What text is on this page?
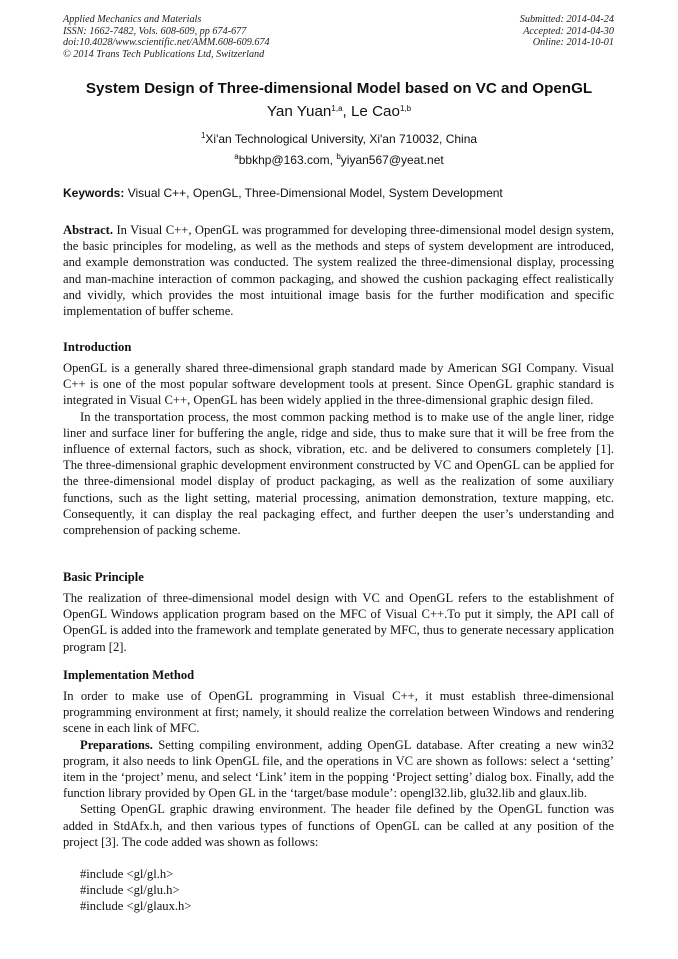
Applied Mechanics and Materials
ISSN: 1662-7482, Vols. 608-609, pp 674-677
doi:10.4028/www.scientific.net/AMM.608-609.674
© 2014 Trans Tech Publications Ltd, Switzerland
Submitted: 2014-04-24
Accepted: 2014-04-30
Online: 2014-10-01
System Design of Three-dimensional Model based on VC and OpenGL
Yan Yuan$^{1,a}$, Le Cao$^{1,b}$
$^1$Xi'an Technological University, Xi'an 710032, China
$^a$bbkhp@163.com, $^b$yiyan567@yeat.net
Keywords: Visual C++, OpenGL, Three-Dimensional Model, System Development

Abstract. In Visual C++, OpenGL was programmed for developing three-dimensional model design system, the basic principles for modeling, as well as the methods and steps of system development are introduced, and example demonstration was conducted. The system realized the three-dimensional display, processing and man-machine interaction of common packaging, and showed the cushion packaging effect realistically and vividly, which provides the most intuitional image basis for the further modification and specific implementation of buffer scheme.

Introduction

OpenGL is a generally shared three-dimensional graph standard made by American SGI Company. Visual C++ is one of the most popular software development tools at present. Since OpenGL graphic standard is integrated in Visual C++, OpenGL has been widely applied in the three-dimensional graphic design filed.

In the transportation process, the most common packing method is to make use of the angle liner, ridge liner and surface liner for buffering the angle, ridge and side, thus to make sure that it will be free from the influence of external factors, such as shock, vibration, etc. and be delivered to consumers completely [1]. The three-dimensional graphic development environment constructed by VC and OpenGL can be applied for the three-dimensional model display of product packaging, as well as the realization of some auxiliary functions, such as the light setting, material processing, animation demonstration, texture mapping, etc. Consequently, it can display the real packaging effect, and further deepen the user’s understanding and comprehension of packing scheme.

Basic Principle

The realization of three-dimensional model design with VC and OpenGL refers to the establishment of OpenGL Windows application program based on the MFC of Visual C++.To put it simply, the API call of OpenGL is added into the framework and template generated by MFC, thus to generate necessary application program [2].

Implementation Method

In order to make use of OpenGL programming in Visual C++, it must establish three-dimensional programming environment at first; namely, it should realize the correlation between Windows and rendering scene in each link of MFC.

Preparations. Setting compiling environment, adding OpenGL database. After creating a new win32 program, it also needs to link OpenGL file, and the operations in VC are shown as follows: select a ‘setting’ item in the ‘project’ menu, and select ‘Link’ item in the popping ‘Project setting’ dialog box. Finally, add the function library provided by Open GL in the ‘target/base module’: opengl32.lib, glu32.lib and glaux.lib.

Setting OpenGL graphic drawing environment. The header file defined by the OpenGL function was added in StdAfx.h, and then various types of functions of OpenGL can be called at any position of the project [3]. The code added was shown as follows:

#include <gl/gl.h>
#include <gl/glu.h>
#include <gl/glaux.h>
